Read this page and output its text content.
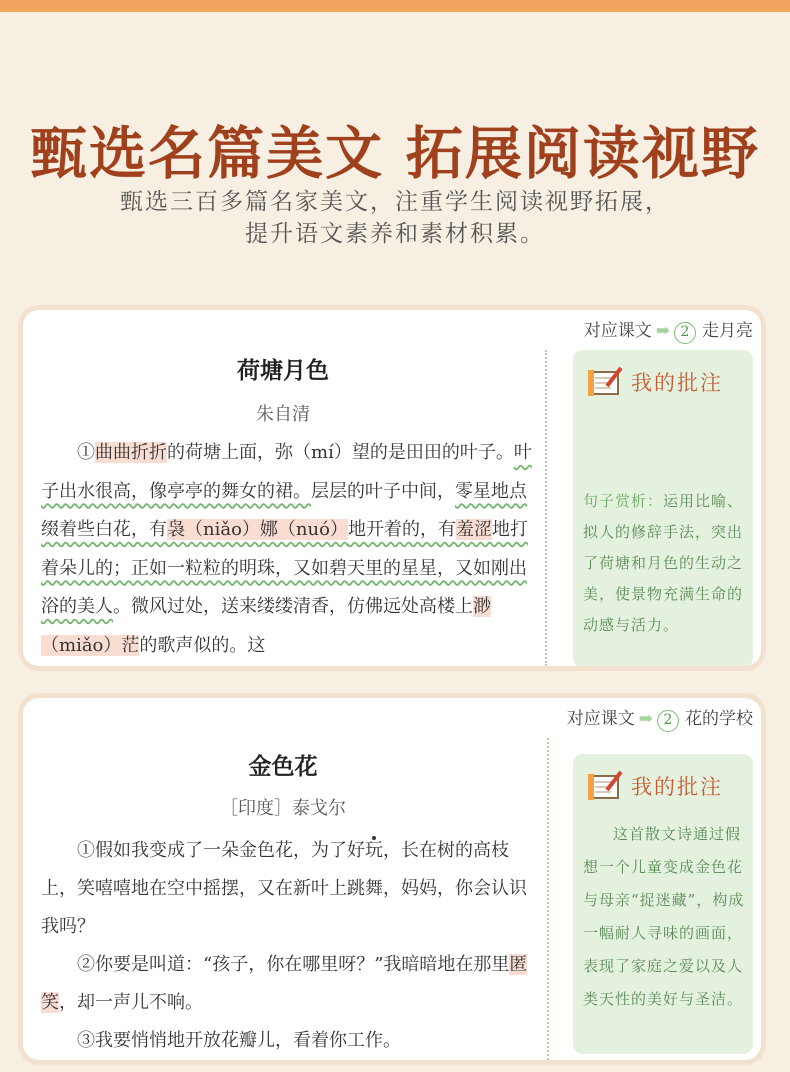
甄选名篇美文 拓展阅读视野
甄选三百多篇名家美文，注重学生阅读视野拓展，
提升语文素养和素材积累。
对应课文 ➡ 2 走月亮
荷塘月色
朱自清

①曲曲折折的荷塘上面，弥（mí）望的是田田的叶子。叶子出水很高，像亭亭的舞女的裙。层层的叶子中间，零星地点缀着些白花，有袅（niǎo）娜（nuó）地开着的，有羞涩地打着朵儿的；正如一粒粒的明珠，又如碧天里的星星，又如刚出浴的美人。微风过处，送来缕缕清香，仿佛远处高楼上渺（miǎo）茫的歌声似的。这

我的批注

句子赏析：运用比喻、拟人的修辞手法，突出了荷塘和月色的生动之美，使景物充满生命的动感与活力。

对应课文 ➡ 2 花的学校
金色花
［印度］泰戈尔

①假如我变成了一朵金色花，为了好玩，长在树的高枝上，笑嘻嘻地在空中摇摆，又在新叶上跳舞，妈妈，你会认识我吗？

②你要是叫道：“孩子，你在哪里呀？”我暗暗地在那里匿笑，却一声儿不响。

③我要悄悄地开放花瓣儿，看着你工作。

我的批注
这首散文诗通过假想一个儿童变成金色花与母亲“捉迷藏”，构成一幅耐人寻味的画面，表现了家庭之爱以及人类天性的美好与圣洁。
